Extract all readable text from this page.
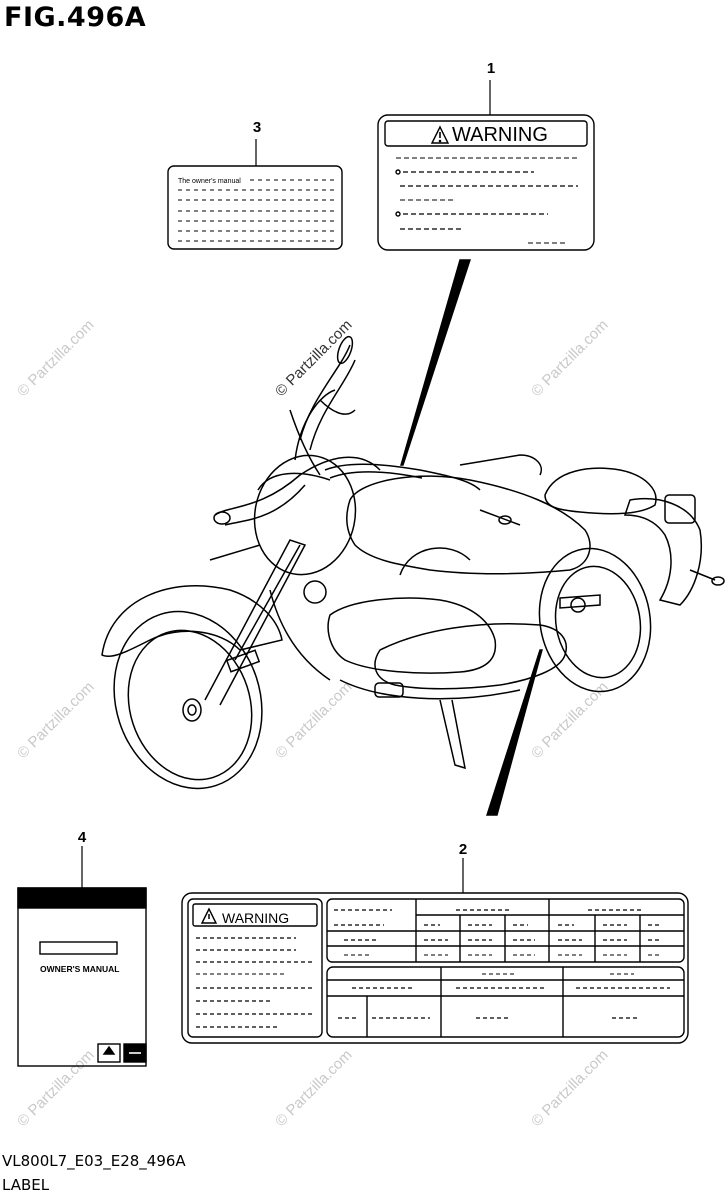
FIG.496A
© Partzilla.com	© Partzilla.com
© Partzilla.com	© Partzilla.com	© Partzilla.com
© Partzilla.com	© Partzilla.com	© Partzilla.com
© Partzilla.com
WARNING
WARNING
The owner's manual
OWNER'S MANUAL
1
3
4
2
VL800L7_E03_E28_496A
LABEL
